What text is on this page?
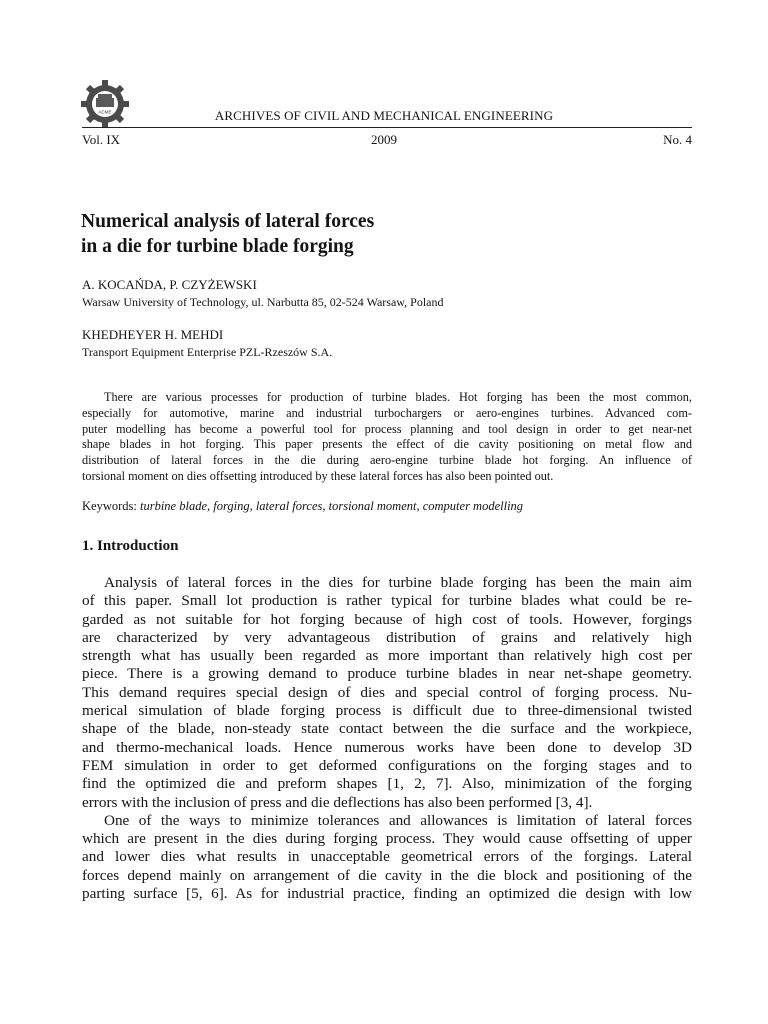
ACME	ARCHIVES OF CIVIL AND MECHANICAL ENGINEERING
Vol. IX	2009	No. 4
Numerical analysis of lateral forces
in a die for turbine blade forging
A. KOCAŃDA, P. CZYŻEWSKI
Warsaw University of Technology, ul. Narbutta 85, 02-524 Warsaw, Poland
KHEDHEYER H. MEHDI
Transport Equipment Enterprise PZL-Rzeszów S.A.
There are various processes for production of turbine blades. Hot forging has been the most common,
especially for automotive, marine and industrial turbochargers or aero-engines turbines. Advanced com-
puter modelling has become a powerful tool for process planning and tool design in order to get near-net
shape blades in hot forging. This paper presents the effect of die cavity positioning on metal flow and
distribution of lateral forces in the die during aero-engine turbine blade hot forging. An influence of
torsional moment on dies offsetting introduced by these lateral forces has also been pointed out.
Keywords: turbine blade, forging, lateral forces, torsional moment, computer modelling
1. Introduction
Analysis of lateral forces in the dies for turbine blade forging has been the main aim
of this paper. Small lot production is rather typical for turbine blades what could be re-
garded as not suitable for hot forging because of high cost of tools. However, forgings
are characterized by very advantageous distribution of grains and relatively high
strength what has usually been regarded as more important than relatively high cost per
piece. There is a growing demand to produce turbine blades in near net-shape geometry.
This demand requires special design of dies and special control of forging process. Nu-
merical simulation of blade forging process is difficult due to three-dimensional twisted
shape of the blade, non-steady state contact between the die surface and the workpiece,
and thermo-mechanical loads. Hence numerous works have been done to develop 3D
FEM simulation in order to get deformed configurations on the forging stages and to
find the optimized die and preform shapes [1, 2, 7]. Also, minimization of the forging
errors with the inclusion of press and die deflections has also been performed [3, 4].
One of the ways to minimize tolerances and allowances is limitation of lateral forces
which are present in the dies during forging process. They would cause offsetting of upper
and lower dies what results in unacceptable geometrical errors of the forgings. Lateral
forces depend mainly on arrangement of die cavity in the die block and positioning of the
parting surface [5, 6]. As for industrial practice, finding an optimized die design with low
